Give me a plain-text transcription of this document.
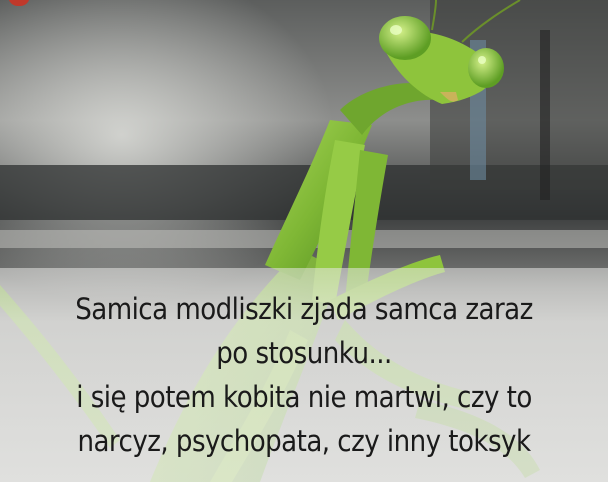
Samica modliszki zjada samca zaraz
po stosunku...
i się potem kobita nie martwi, czy to
narcyz, psychopata, czy inny toksyk
